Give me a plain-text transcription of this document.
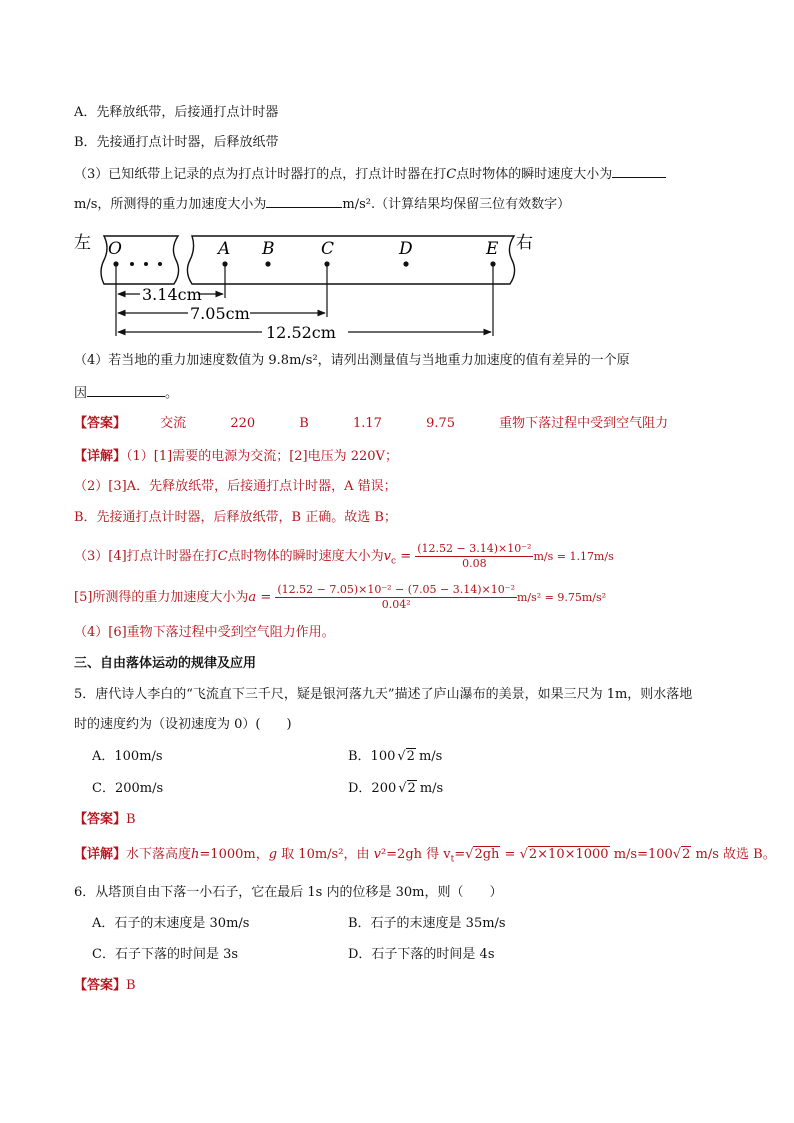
A．先释放纸带，后接通打点计时器
B．先接通打点计时器，后释放纸带
（3）已知纸带上记录的点为打点计时器打的点，打点计时器在打C点时物体的瞬时速度大小为
m/s，所测得的重力加速度大小为	m/s².（计算结果均保留三位有效数字）
左	右
O	A B	C	D	E
3.14cm
7.05cm
12.52cm
（4）若当地的重力加速度数值为 9.8m/s²，请列出测量值与当地重力加速度的值有差异的一个原
因	。
【答案】	交流	220	B	1.17	9.75	重物下落过程中受到空气阻力
【详解】（1）[1]需要的电源为交流；[2]电压为 220V；
（2）[3]A．先释放纸带，后接通打点计时器，A 错误；
B．先接通打点计时器，后释放纸带，B 正确。故选 B；
（3）[4]打点计时器在打C点时物体的瞬时速度大小为$v_c = \frac{\text{(12.52 − 3.14)×10⁻²}}{0.08} m/s = 1.17m/s$
[5]所测得的重力加速度大小为$a = \frac{\text{(12.52 − 7.05)×10⁻² − (7.05 − 3.14)×10⁻²}}{\text{0.04²}} m/s^2 = 9.75m/s^2$
（4）[6]重物下落过程中受到空气阻力作用。
三、自由落体运动的规律及应用
5．唐代诗人李白的“飞流直下三千尺，疑是银河落九天”描述了庐山瀑布的美景，如果三尺为 1m，则水落地
时的速度约为（设初速度为 0）(　　)
A．100m/s	B．100 √2 m/s
C．200m/s	D．200 √2 m/s
【答案】B
【详解】水下落高度h=1000m，g 取 10m/s²，由 v²=2gh 得 $v_t=√2gh = √2\times 10\times 1000$ m/s=100√2 m/s 故选 B。
6．从塔顶自由下落一小石子，它在最后 1s 内的位移是 30m，则（　　）
A．石子的末速度是 30m/s	B．石子的末速度是 35m/s
C．石子下落的时间是 3s	D．石子下落的时间是 4s
【答案】B
